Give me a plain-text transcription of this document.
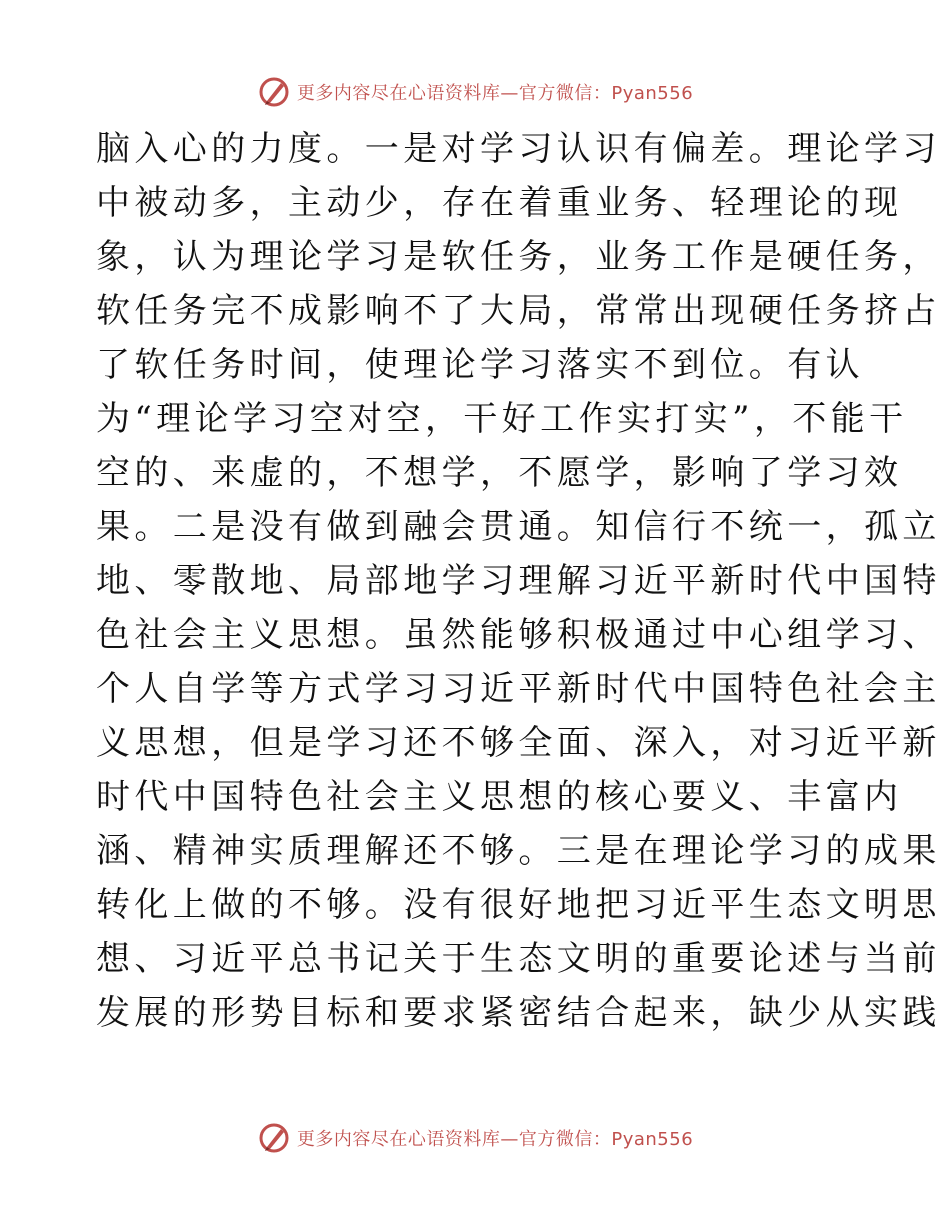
更多内容尽在心语资料库—官方微信：Pyan556
脑入心的力度。一是对学习认识有偏差。理论学习
中被动多，主动少，存在着重业务、轻理论的现
象，认为理论学习是软任务，业务工作是硬任务，
软任务完不成影响不了大局，常常出现硬任务挤占
了软任务时间，使理论学习落实不到位。有认
为“理论学习空对空，干好工作实打实”，不能干
空的、来虚的，不想学，不愿学，影响了学习效
果。二是没有做到融会贯通。知信行不统一，孤立
地、零散地、局部地学习理解习近平新时代中国特
色社会主义思想。虽然能够积极通过中心组学习、
个人自学等方式学习习近平新时代中国特色社会主
义思想，但是学习还不够全面、深入，对习近平新
时代中国特色社会主义思想的核心要义、丰富内
涵、精神实质理解还不够。三是在理论学习的成果
转化上做的不够。没有很好地把习近平生态文明思
想、习近平总书记关于生态文明的重要论述与当前
发展的形势目标和要求紧密结合起来，缺少从实践
更多内容尽在心语资料库—官方微信：Pyan556
